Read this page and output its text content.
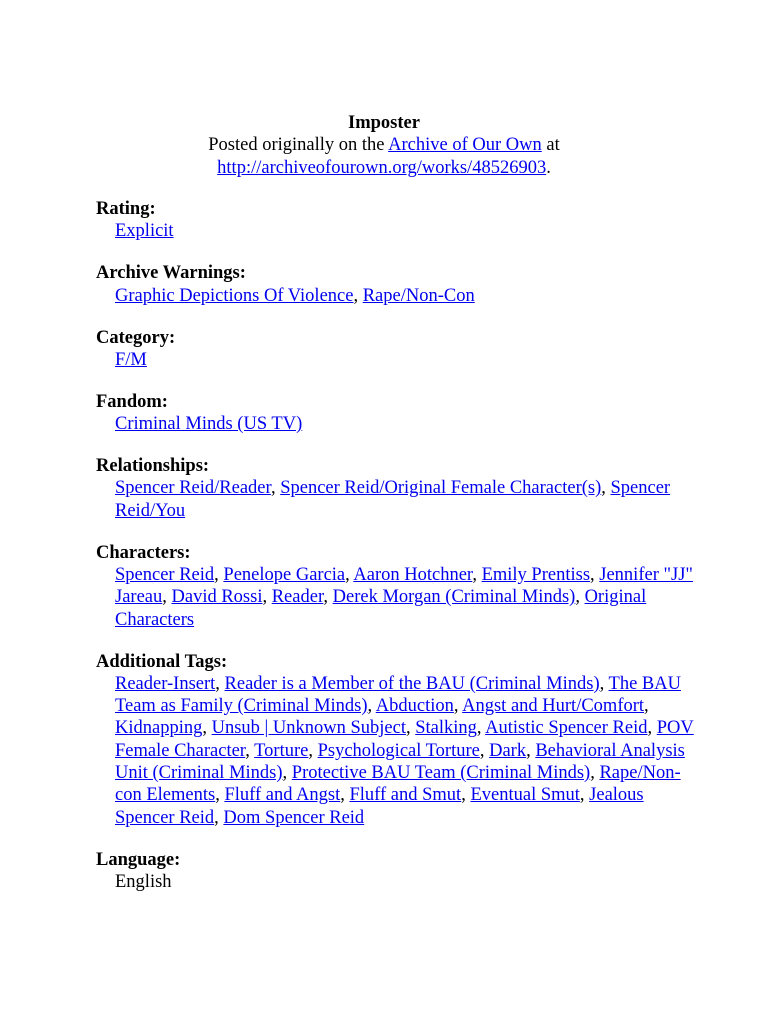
Imposter
Posted originally on the Archive of Our Own at
http://archiveofourown.org/works/48526903.
Rating:
Explicit
Archive Warnings:
Graphic Depictions Of Violence, Rape/Non-Con
Category:
F/M
Fandom:
Criminal Minds (US TV)
Relationships:
Spencer Reid/Reader, Spencer Reid/Original Female Character(s), Spencer Reid/You
Characters:
Spencer Reid, Penelope Garcia, Aaron Hotchner, Emily Prentiss, Jennifer "JJ" Jareau, David Rossi, Reader, Derek Morgan (Criminal Minds), Original Characters
Additional Tags:
Reader-Insert, Reader is a Member of the BAU (Criminal Minds), The BAU Team as Family (Criminal Minds), Abduction, Angst and Hurt/Comfort, Kidnapping, Unsub | Unknown Subject, Stalking, Autistic Spencer Reid, POV Female Character, Torture, Psychological Torture, Dark, Behavioral Analysis Unit (Criminal Minds), Protective BAU Team (Criminal Minds), Rape/Non-con Elements, Fluff and Angst, Fluff and Smut, Eventual Smut, Jealous Spencer Reid, Dom Spencer Reid
Language:
English
